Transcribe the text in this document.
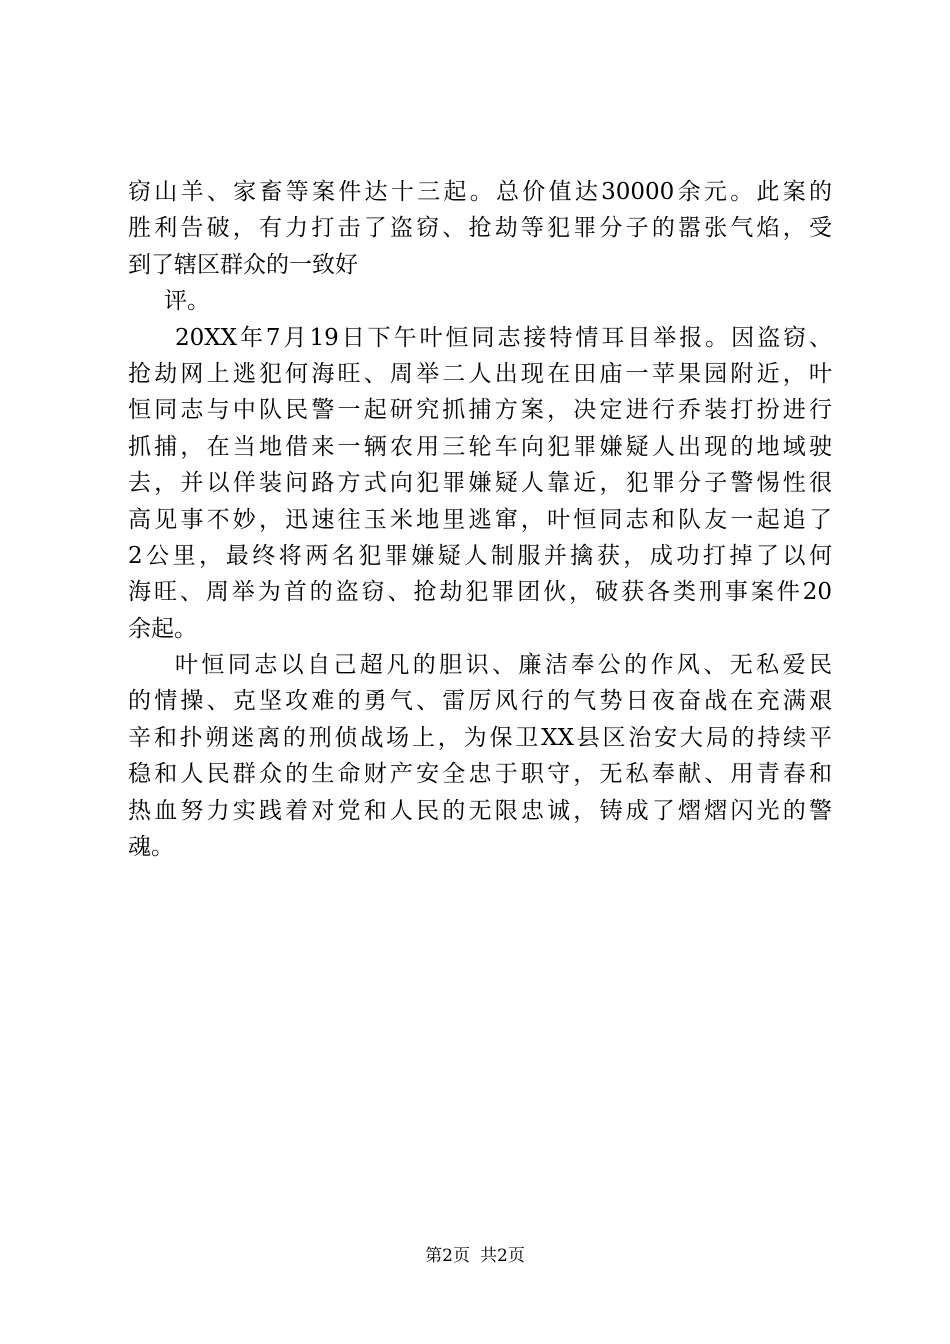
窃山羊、家畜等案件达十三起。总价值达30000余元。此案的
胜利告破，有力打击了盗窃、抢劫等犯罪分子的嚣张气焰，受
到了辖区群众的一致好
评。
20XX年7月19日下午叶恒同志接特情耳目举报。因盗窃、
抢劫网上逃犯何海旺、周举二人出现在田庙一苹果园附近，叶
恒同志与中队民警一起研究抓捕方案，决定进行乔装打扮进行
抓捕，在当地借来一辆农用三轮车向犯罪嫌疑人出现的地域驶
去，并以佯装问路方式向犯罪嫌疑人靠近，犯罪分子警惕性很
高见事不妙，迅速往玉米地里逃窜，叶恒同志和队友一起追了
2公里，最终将两名犯罪嫌疑人制服并擒获，成功打掉了以何
海旺、周举为首的盗窃、抢劫犯罪团伙，破获各类刑事案件20
余起。
叶恒同志以自己超凡的胆识、廉洁奉公的作风、无私爱民
的情操、克坚攻难的勇气、雷厉风行的气势日夜奋战在充满艰
辛和扑朔迷离的刑侦战场上，为保卫XX县区治安大局的持续平
稳和人民群众的生命财产安全忠于职守，无私奉献、用青春和
热血努力实践着对党和人民的无限忠诚，铸成了熠熠闪光的警
魂。
第2页 共2页
